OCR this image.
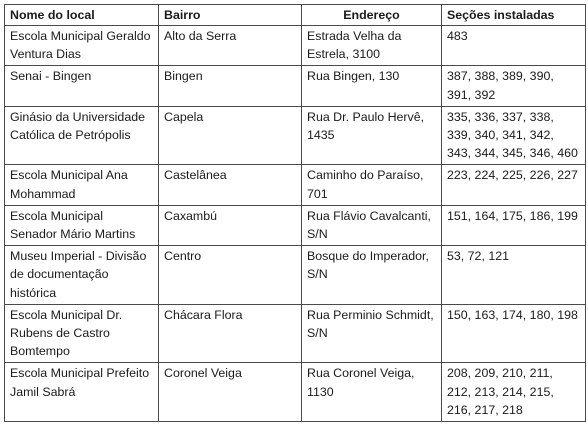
Nome do local	Bairro	Endereço	Seções instaladas
Escola Municipal Geraldo Ventura Dias	Alto da Serra	Estrada Velha da Estrela, 3100	483
Senai - Bingen	Bingen	Rua Bingen, 130	387, 388, 389, 390, 391, 392
Ginásio da Universidade Católica de Petrópolis	Capela	Rua Dr. Paulo Hervê, 1435	335, 336, 337, 338, 339, 340, 341, 342, 343, 344, 345, 346, 460
Escola Municipal Ana Mohammad	Castelânea	Caminho do Paraíso, 701	223, 224, 225, 226, 227
Escola Municipal Senador Mário Martins	Caxambú	Rua Flávio Cavalcanti, S/N	151, 164, 175, 186, 199
Museu Imperial - Divisão de documentação histórica	Centro	Bosque do Imperador, S/N	53, 72, 121
Escola Municipal Dr. Rubens de Castro Bomtempo	Chácara Flora	Rua Perminio Schmidt, S/N	150, 163, 174, 180, 198
Escola Municipal Prefeito Jamil Sabrá	Coronel Veiga	Rua Coronel Veiga, 1130	208, 209, 210, 211, 212, 213, 214, 215, 216, 217, 218
